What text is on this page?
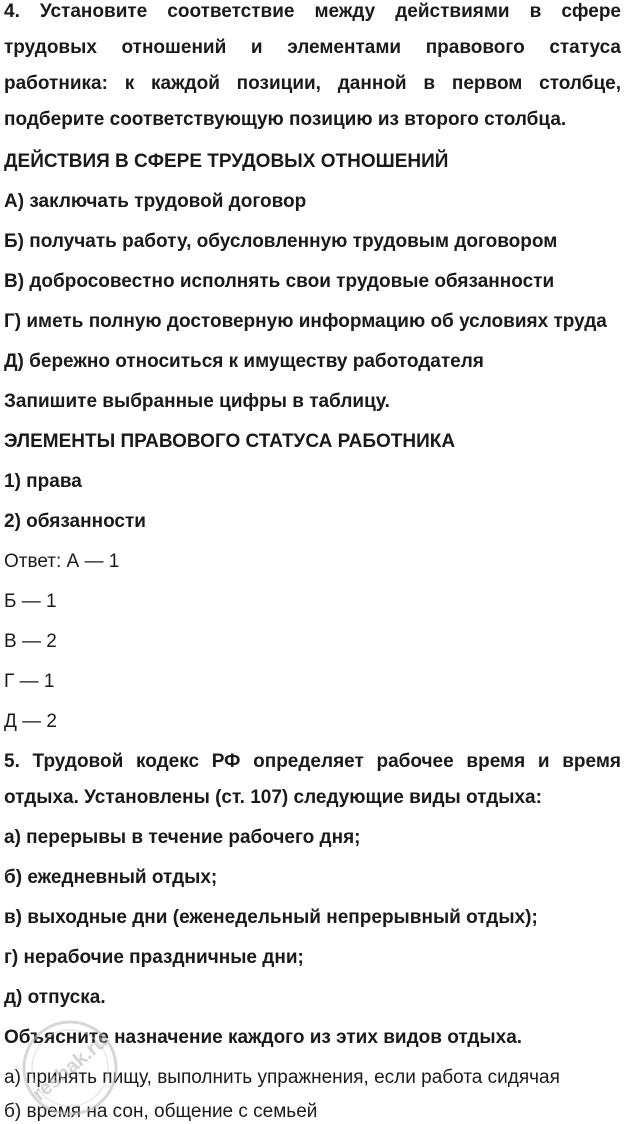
4. Установите соответствие между действиями в сфере
трудовых отношений и элементами правового статуса
работника: к каждой позиции, данной в первом столбце,
подберите соответствующую позицию из второго столбца.
ДЕЙСТВИЯ В СФЕРЕ ТРУДОВЫХ ОТНОШЕНИЙ
А) заключать трудовой договор
Б) получать работу, обусловленную трудовым договором
В) добросовестно исполнять свои трудовые обязанности
Г) иметь полную достоверную информацию об условиях труда
Д) бережно относиться к имуществу работодателя
Запишите выбранные цифры в таблицу.
ЭЛЕМЕНТЫ ПРАВОВОГО СТАТУСА РАБОТНИКА
1) права
2) обязанности
Ответ: А — 1
Б — 1
В — 2
Г — 1
Д — 2
5. Трудовой кодекс РФ определяет рабочее время и время
отдыха. Установлены (ст. 107) следующие виды отдыха:
а) перерывы в течение рабочего дня;
б) ежедневный отдых;
в) выходные дни (еженедельный непрерывный отдых);
г) нерабочие праздничные дни;
д) отпуска.
Объясните назначение каждого из этих видов отдыха.
а) принять пищу, выполнить упражнения, если работа сидячая
б) время на сон, общение с семьей
reshak.ru
